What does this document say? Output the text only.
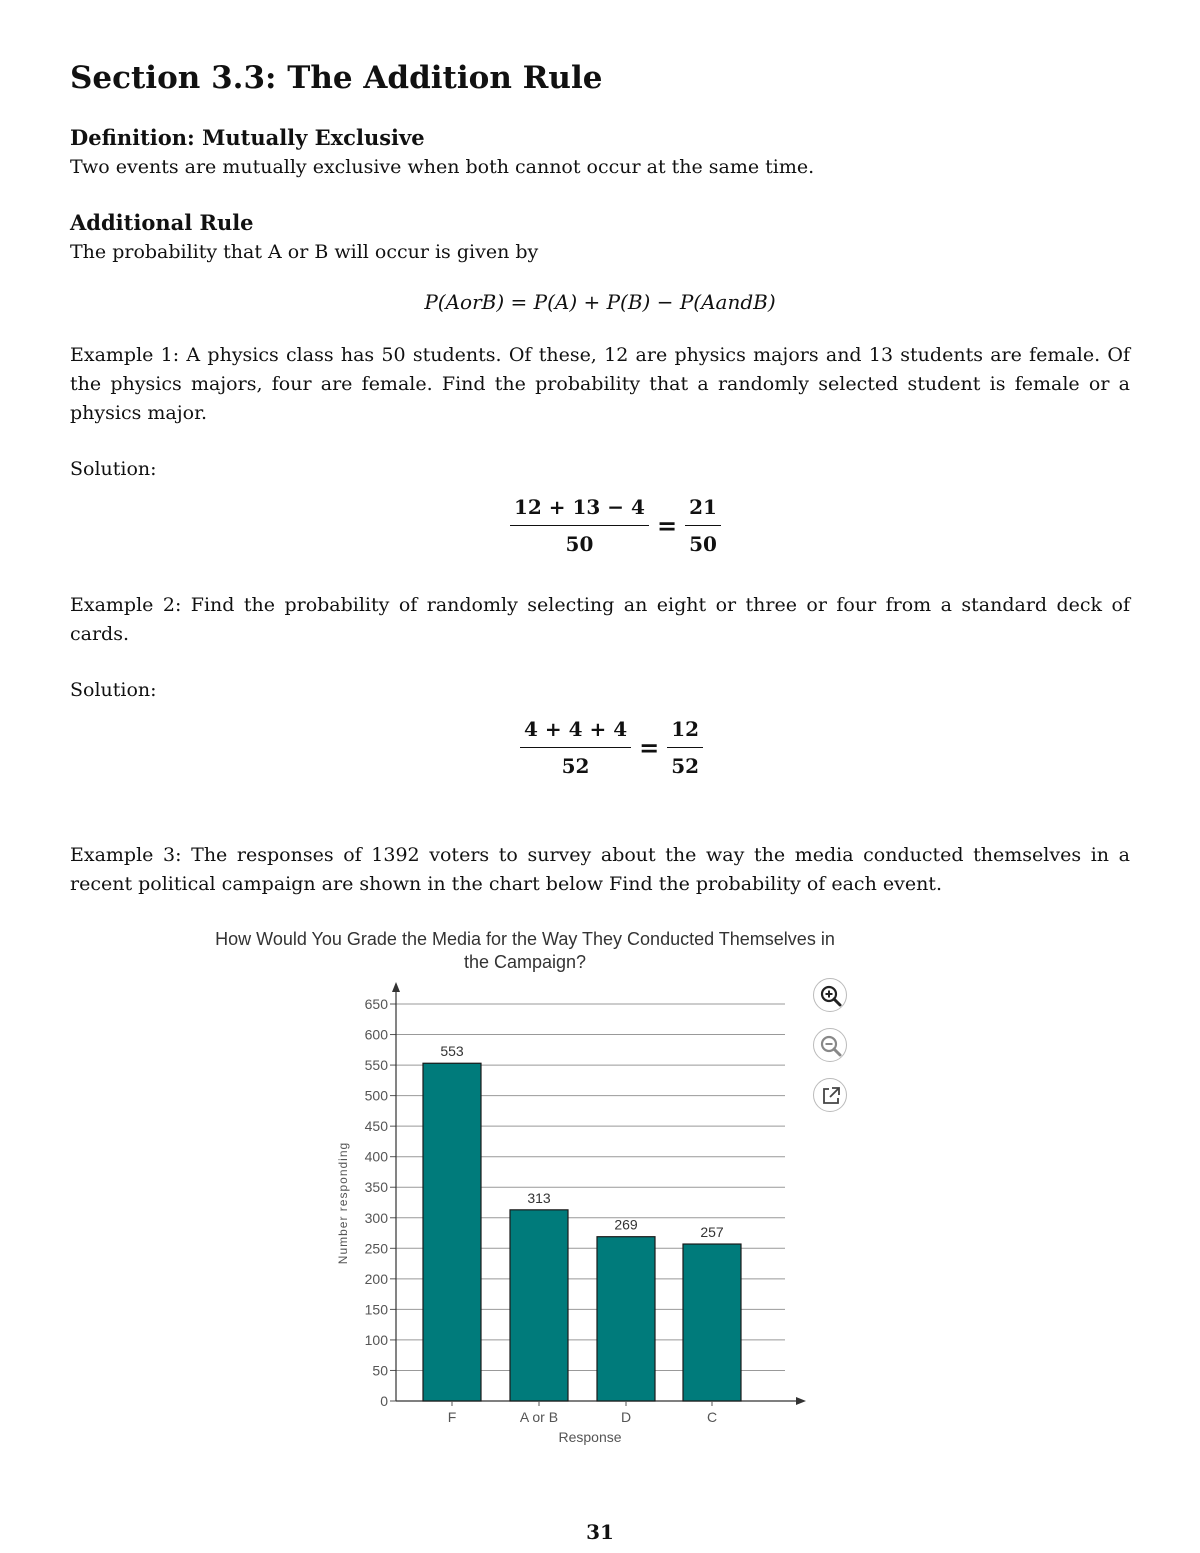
Section 3.3: The Addition Rule
Definition: Mutually Exclusive
Two events are mutually exclusive when both cannot occur at the same time.
Additional Rule
The probability that A or B will occur is given by
P(AorB) = P(A) + P(B) − P(AandB)
Example 1: A physics class has 50 students. Of these, 12 are physics majors and 13 students are female. Of the physics majors, four are female. Find the probability that a randomly selected student is female or a physics major.
Solution:
$\frac{12 + 13 - 4}{50} = \frac{21}{50}$
Example 2: Find the probability of randomly selecting an eight or three or four from a standard deck of cards.
Solution:
$\frac{4 + 4 + 4}{52} = \frac{12}{52}$
Example 3: The responses of 1392 voters to survey about the way the media conducted themselves in a recent political campaign are shown in the chart below Find the probability of each event.
How Would You Grade the Media for the Way They Conducted Themselves in
the Campaign?
0
50
100
150
200
250
300
350
400
450
500
550
600
650
553
F
313
A or B
269
D
257
C
Response
Number responding
31
